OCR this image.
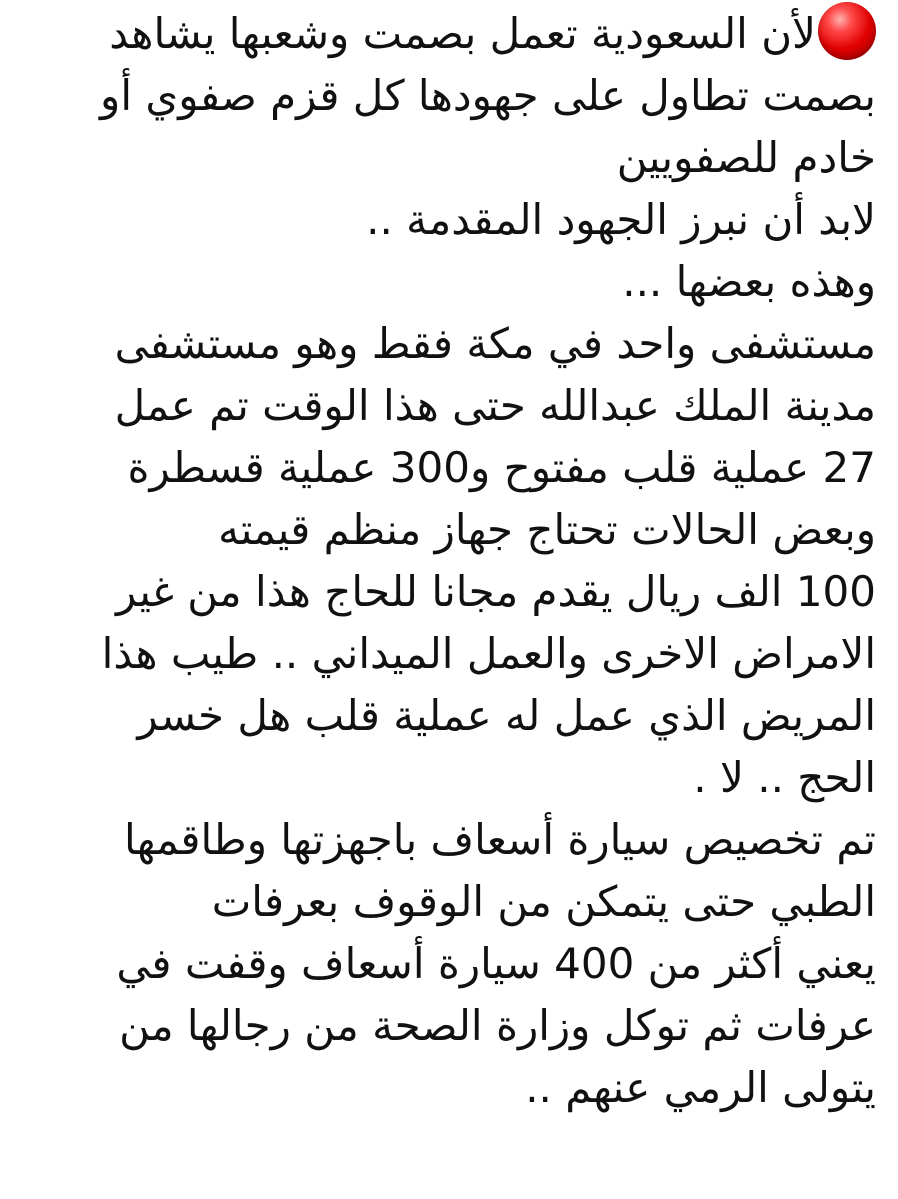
لأن السعودية تعمل بصمت وشعبها يشاهد
بصمت تطاول على جهودها كل قزم صفوي أو
خادم للصفويين
لابد أن نبرز الجهود المقدمة ..
وهذه بعضها ...
مستشفى واحد في مكة فقط وهو مستشفى
مدينة الملك عبدالله حتى هذا الوقت تم عمل
27 عملية قلب مفتوح و300 عملية قسطرة
وبعض الحالات تحتاج جهاز منظم قيمته
100 الف ريال يقدم مجانا للحاج هذا من غير
الامراض الاخرى والعمل الميداني .. طيب هذا
المريض الذي عمل له عملية قلب هل خسر
الحج .. لا .
تم تخصيص سيارة أسعاف باجهزتها وطاقمها
الطبي حتى يتمكن من الوقوف بعرفات
يعني أكثر من 400 سيارة أسعاف وقفت في
عرفات ثم توكل وزارة الصحة من رجالها من
يتولى الرمي عنهم ..
